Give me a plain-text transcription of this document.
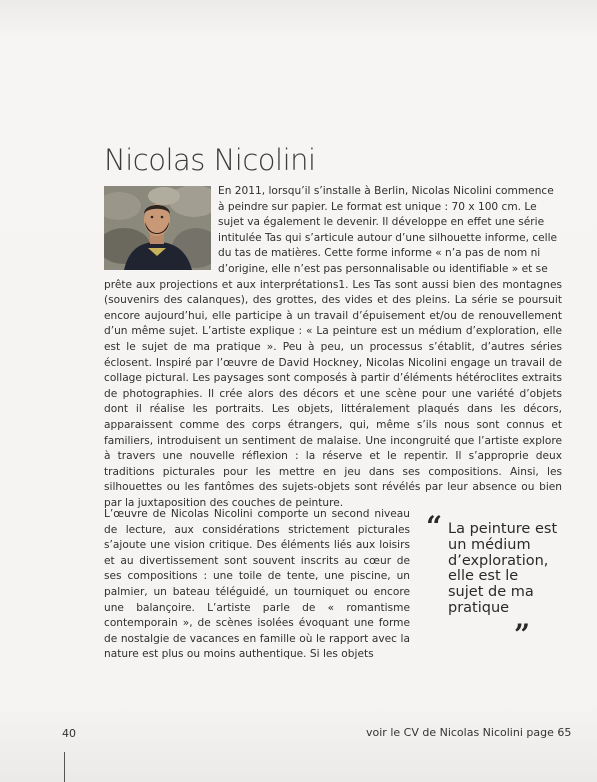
Nicolas Nicolini

En 2011, lorsqu’il s’installe à Berlin, Nicolas Nicolini commence

à peindre sur papier. Le format est unique : 70 x 100 cm. Le

sujet va également le devenir. Il développe en effet une série

intitulée Tas qui s’articule autour d’une silhouette informe, celle

du tas de matières. Cette forme informe « n’a pas de nom ni

d’origine, elle n’est pas personnalisable ou identifiable » et se

prête aux projections et aux interprétations1. Les Tas sont aussi bien des montagnes (souvenirs des calanques), des grottes, des vides et des pleins. La série se poursuit encore aujourd’hui, elle participe à un travail d’épuisement et/ou de renouvellement d’un même sujet. L’artiste explique : « La peinture est un médium d’exploration, elle est le sujet de ma pratique ». Peu à peu, un processus s’établit, d’autres séries éclosent. Inspiré par l’œuvre de David Hockney, Nicolas Nicolini engage un travail de collage pictural. Les paysages sont composés à partir d’éléments hétéroclites extraits de photographies. Il crée alors des décors et une scène pour une variété d’objets dont il réalise les portraits. Les objets, littéralement plaqués dans les décors, apparaissent comme des corps étrangers, qui, même s’ils nous sont connus et familiers, introduisent un sentiment de malaise. Une incongruité que l’artiste explore à travers une nouvelle réflexion : la réserve et le repentir. Il s’approprie deux traditions picturales pour les mettre en jeu dans ses compositions. Ainsi, les silhouettes ou les fantômes des sujets-objets sont révélés par leur absence ou bien par la juxtaposition des couches de peinture.

L’œuvre de Nicolas Nicolini comporte un second niveau de lecture, aux considérations strictement picturales s’ajoute une vision critique. Des éléments liés aux loisirs et au divertissement sont souvent inscrits au cœur de ses compositions : une toile de tente, une piscine, un palmier, un bateau téléguidé, un tourniquet ou encore une balançoire. L’artiste parle de « romantisme contemporain », de scènes isolées évoquant une forme de nostalgie de vacances en famille où le rapport avec la nature est plus ou moins authentique. Si les objets

“ La peinture est un médium d’exploration, elle est le sujet de ma pratique
”
40	voir le CV de Nicolas Nicolini page 65
